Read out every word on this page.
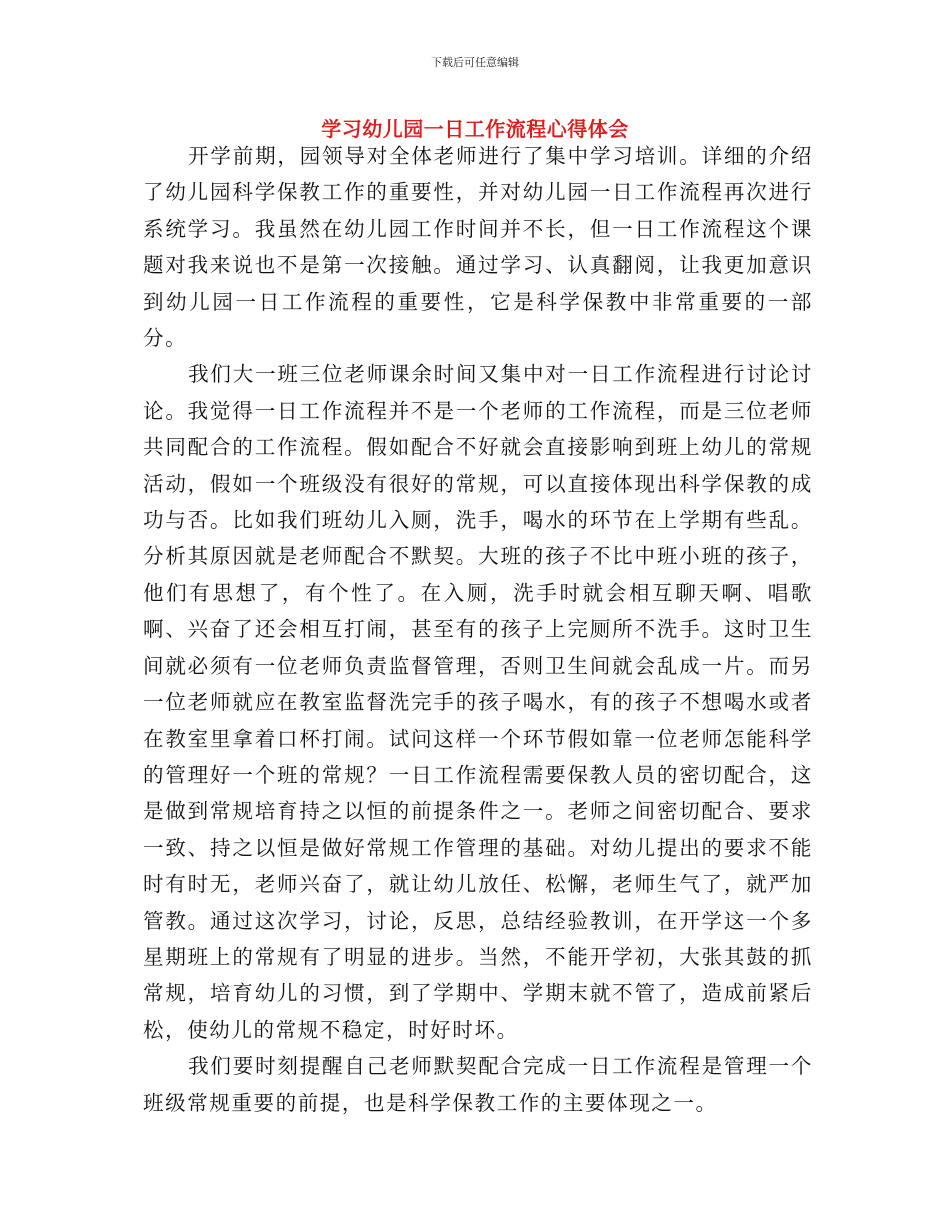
下载后可任意编辑
学习幼儿园一日工作流程心得体会

开学前期，园领导对全体老师进行了集中学习培训。详细的介绍了幼儿园科学保教工作的重要性，并对幼儿园一日工作流程再次进行系统学习。我虽然在幼儿园工作时间并不长，但一日工作流程这个课题对我来说也不是第一次接触。通过学习、认真翻阅，让我更加意识到幼儿园一日工作流程的重要性，它是科学保教中非常重要的一部分。

我们大一班三位老师课余时间又集中对一日工作流程进行讨论讨论。我觉得一日工作流程并不是一个老师的工作流程，而是三位老师共同配合的工作流程。假如配合不好就会直接影响到班上幼儿的常规活动，假如一个班级没有很好的常规，可以直接体现出科学保教的成功与否。比如我们班幼儿入厕，洗手，喝水的环节在上学期有些乱。分析其原因就是老师配合不默契。大班的孩子不比中班小班的孩子，他们有思想了，有个性了。在入厕，洗手时就会相互聊天啊、唱歌啊、兴奋了还会相互打闹，甚至有的孩子上完厕所不洗手。这时卫生间就必须有一位老师负责监督管理，否则卫生间就会乱成一片。而另一位老师就应在教室监督洗完手的孩子喝水，有的孩子不想喝水或者在教室里拿着口杯打闹。试问这样一个环节假如靠一位老师怎能科学的管理好一个班的常规？一日工作流程需要保教人员的密切配合，这是做到常规培育持之以恒的前提条件之一。老师之间密切配合、要求一致、持之以恒是做好常规工作管理的基础。对幼儿提出的要求不能时有时无，老师兴奋了，就让幼儿放任、松懈，老师生气了，就严加管教。通过这次学习，讨论，反思，总结经验教训，在开学这一个多星期班上的常规有了明显的进步。当然，不能开学初，大张其鼓的抓常规，培育幼儿的习惯，到了学期中、学期末就不管了，造成前紧后松，使幼儿的常规不稳定，时好时坏。

我们要时刻提醒自己老师默契配合完成一日工作流程是管理一个班级常规重要的前提，也是科学保教工作的主要体现之一。
